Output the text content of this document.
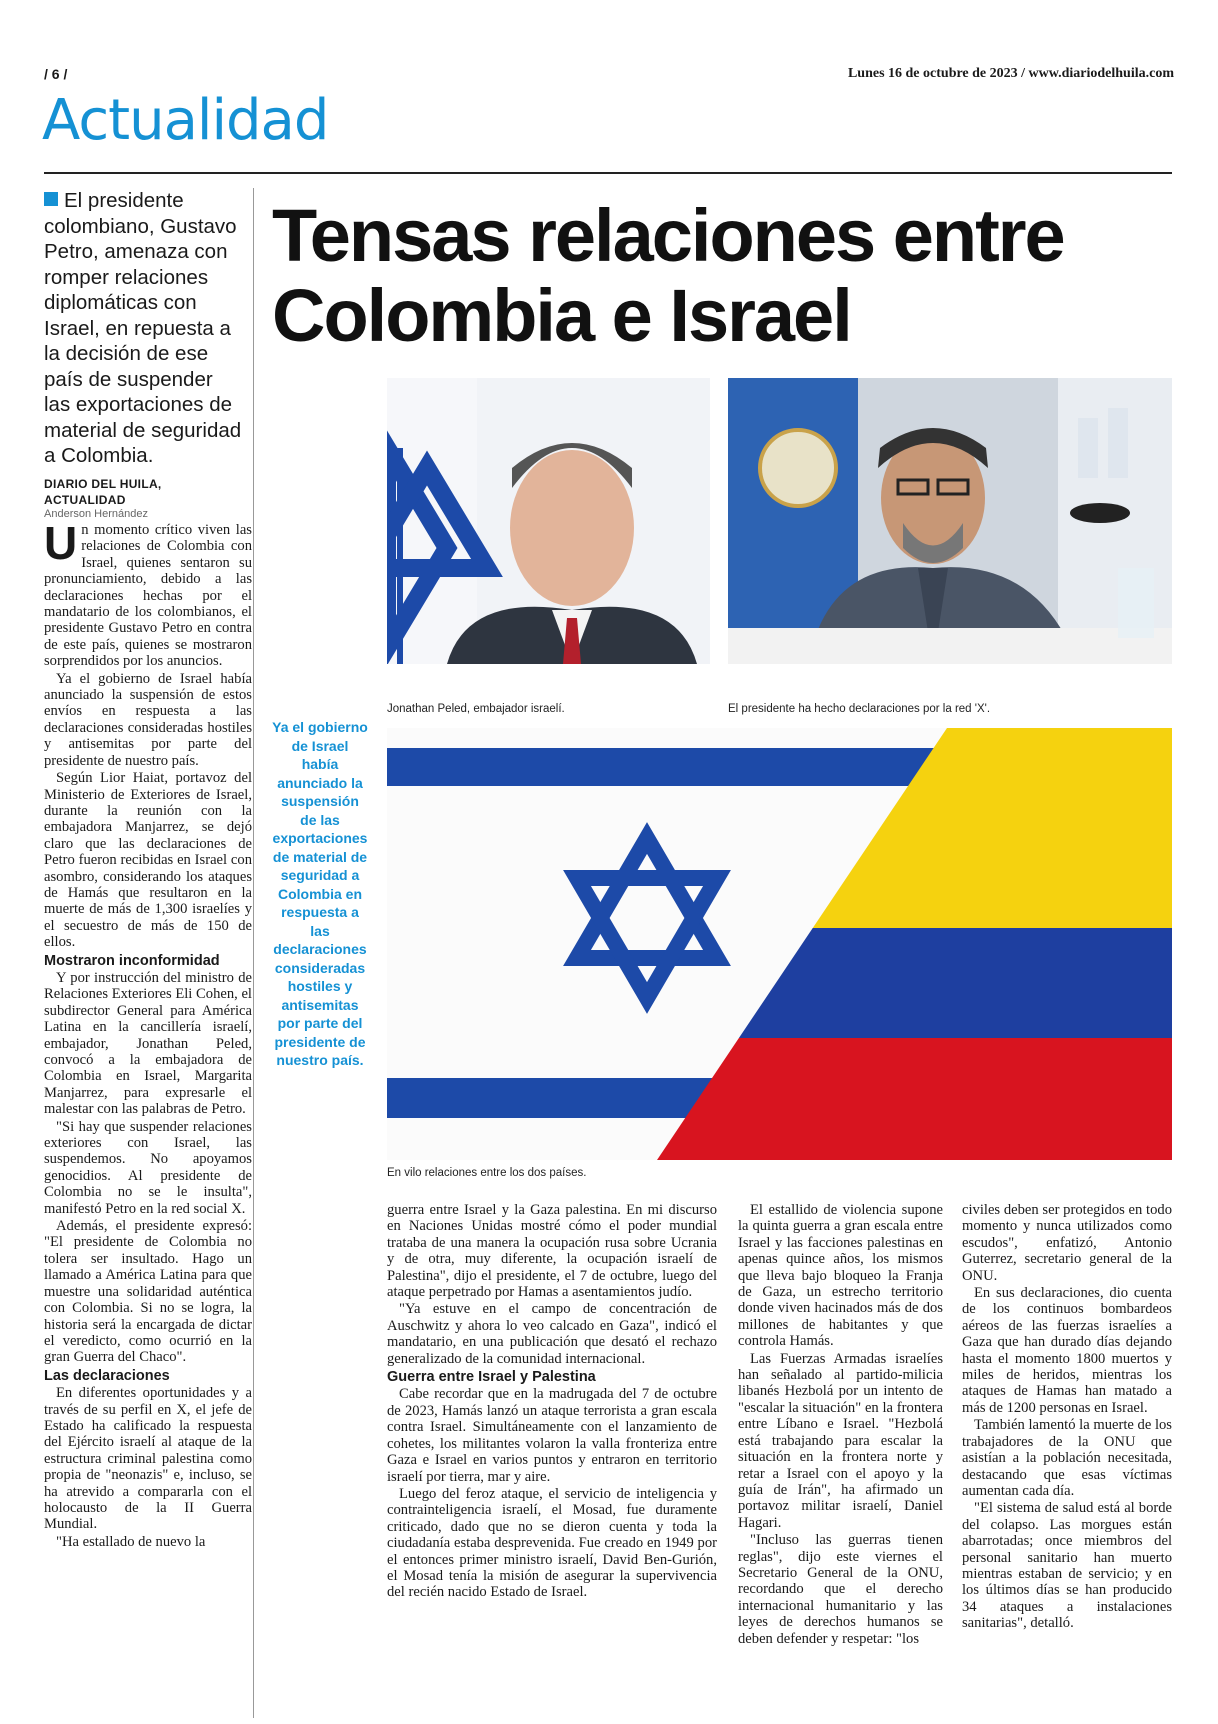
/ 6 /	Lunes 16 de octubre de 2023 / www.diariodelhuila.com
Actualidad
El presidente colombiano, Gustavo Petro, amenaza con romper relaciones diplomáticas con Israel, en repuesta a la decisión de ese país de suspender las exportaciones de material de seguridad a Colombia.
Tensas relaciones entre Colombia e Israel
DIARIO DEL HUILA, ACTUALIDAD
Anderson Hernández
U n momento crítico viven las relaciones de Colombia con Israel, quienes sentaron su pronunciamiento, debido a las declaraciones hechas por el mandatario de los colombianos, el presidente Gustavo Petro en contra de este país, quienes se mostraron sorprendidos por los anuncios.

Ya el gobierno de Israel había anunciado la suspensión de estos envíos en respuesta a las declaraciones consideradas hostiles y antisemitas por parte del presidente de nuestro país.

Según Lior Haiat, portavoz del Ministerio de Exteriores de Israel, durante la reunión con la embajadora Manjarrez, se dejó claro que las declaraciones de Petro fueron recibidas en Israel con asombro, considerando los ataques de Hamás que resultaron en la muerte de más de 1,300 israelíes y el secuestro de más de 150 de ellos.

Mostraron inconformidad

Y por instrucción del ministro de Relaciones Exteriores Eli Cohen, el subdirector General para América Latina en la cancillería israelí, embajador, Jonathan Peled, convocó a la embajadora de Colombia en Israel, Margarita Manjarrez, para expresarle el malestar con las palabras de Petro.

"Si hay que suspender relaciones exteriores con Israel, las suspendemos. No apoyamos genocidios. Al presidente de Colombia no se le insulta", manifestó Petro en la red social X.

Además, el presidente expresó: "El presidente de Colombia no tolera ser insultado. Hago un llamado a América Latina para que muestre una solidaridad auténtica con Colombia. Si no se logra, la historia será la encargada de dictar el veredicto, como ocurrió en la gran Guerra del Chaco".

Las declaraciones

En diferentes oportunidades y a través de su perfil en X, el jefe de Estado ha calificado la respuesta del Ejército israelí al ataque de la estructura criminal palestina como propia de "neonazis" e, incluso, se ha atrevido a compararla con el holocausto de la II Guerra Mundial.

"Ha estallado de nuevo la

Ya el gobierno de Israel había anunciado la suspensión de las exportaciones de material de seguridad a Colombia en respuesta a las declaraciones consideradas hostiles y antisemitas por parte del presidente de nuestro país.
Jonathan Peled, embajador israelí.	El presidente ha hecho declaraciones por la red 'X'.
En vilo relaciones entre los dos países.

guerra entre Israel y la Gaza palestina. En mi discurso en Naciones Unidas mostré cómo el poder mundial trataba de una manera la ocupación rusa sobre Ucrania y de otra, muy diferente, la ocupación israelí de Palestina", dijo el presidente, el 7 de octubre, luego del ataque perpetrado por Hamas a asentamientos judío.

"Ya estuve en el campo de concentración de Auschwitz y ahora lo veo calcado en Gaza", indicó el mandatario, en una publicación que desató el rechazo generalizado de la comunidad internacional.

Guerra entre Israel y Palestina

Cabe recordar que en la madrugada del 7 de octubre de 2023, Hamás lanzó un ataque terrorista a gran escala contra Israel. Simultáneamente con el lanzamiento de cohetes, los militantes volaron la valla fronteriza entre Gaza e Israel en varios puntos y entraron en territorio israelí por tierra, mar y aire.

Luego del feroz ataque, el servicio de inteligencia y contrainteligencia israelí, el Mosad, fue duramente criticado, dado que no se dieron cuenta y toda la ciudadanía estaba desprevenida. Fue creado en 1949 por el entonces primer ministro israelí, David Ben-Gurión, el Mosad tenía la misión de asegurar la supervivencia del recién nacido Estado de Israel.

El estallido de violencia supone la quinta guerra a gran escala entre Israel y las facciones palestinas en apenas quince años, los mismos que lleva bajo bloqueo la Franja de Gaza, un estrecho territorio donde viven hacinados más de dos millones de habitantes y que controla Hamás.

Las Fuerzas Armadas israelíes han señalado al partido-milicia libanés Hezbolá por un intento de "escalar la situación" en la frontera entre Líbano e Israel. "Hezbolá está trabajando para escalar la situación en la frontera norte y retar a Israel con el apoyo y la guía de Irán", ha afirmado un portavoz militar israelí, Daniel Hagari.

"Incluso las guerras tienen reglas", dijo este viernes el Secretario General de la ONU, recordando que el derecho internacional humanitario y las leyes de derechos humanos se deben defender y respetar: "los

civiles deben ser protegidos en todo momento y nunca utilizados como escudos", enfatizó, Antonio Guterrez, secretario general de la ONU.

En sus declaraciones, dio cuenta de los continuos bombardeos aéreos de las fuerzas israelíes a Gaza que han durado días dejando hasta el momento 1800 muertos y miles de heridos, mientras los ataques de Hamas han matado a más de 1200 personas en Israel.

También lamentó la muerte de los trabajadores de la ONU que asistían a la población necesitada, destacando que esas víctimas aumentan cada día.

"El sistema de salud está al borde del colapso. Las morgues están abarrotadas; once miembros del personal sanitario han muerto mientras estaban de servicio; y en los últimos días se han producido 34 ataques a instalaciones sanitarias", detalló.
